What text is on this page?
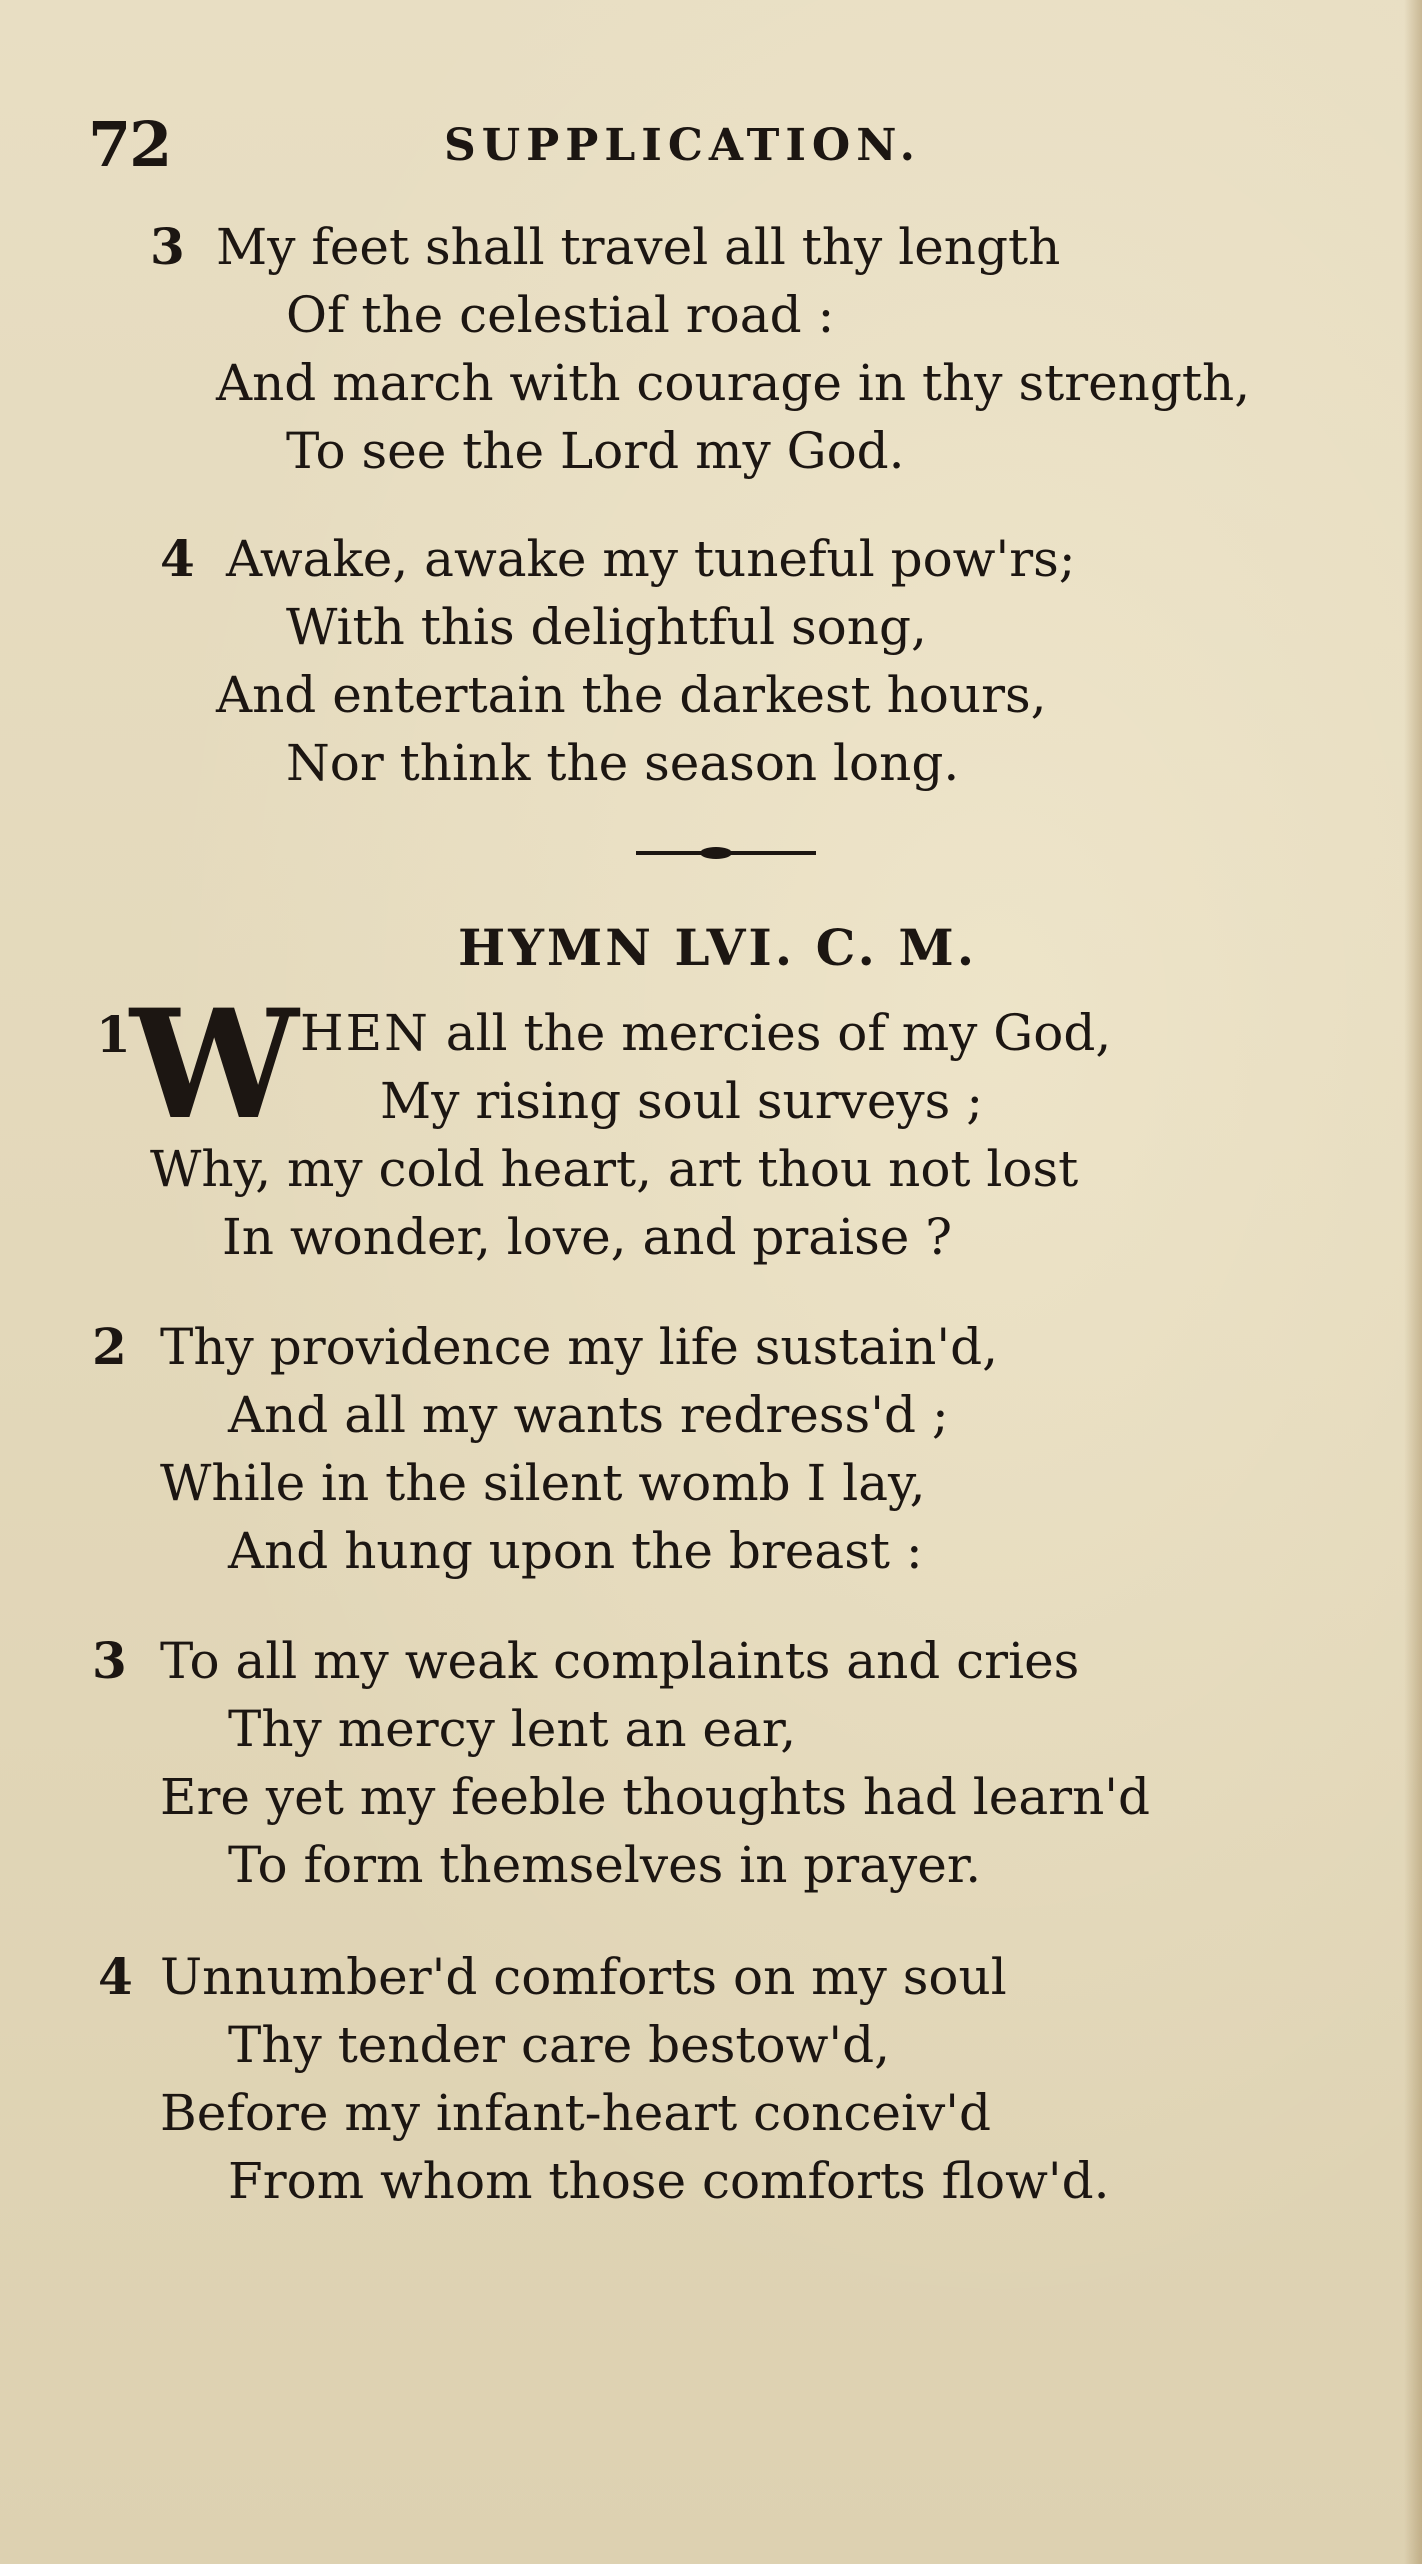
72	SUPPLICATION.
3 My feet shall travel all thy length
Of the celestial road :
And march with courage in thy strength,
To see the Lord my God.
4 Awake, awake my tuneful pow'rs;
With this delightful song,
And entertain the darkest hours,
Nor think the season long.
HYMN LVI. C. M.
1 W HEN all the mercies of my God,
My rising soul surveys ;
Why, my cold heart, art thou not lost
In wonder, love, and praise ?
2 Thy providence my life sustain'd,
And all my wants redress'd ;
While in the silent womb I lay,
And hung upon the breast :
3 To all my weak complaints and cries
Thy mercy lent an ear,
Ere yet my feeble thoughts had learn'd
To form themselves in prayer.
4 Unnumber'd comforts on my soul
Thy tender care bestow'd,
Before my infant-heart conceiv'd
From whom those comforts flow'd.
